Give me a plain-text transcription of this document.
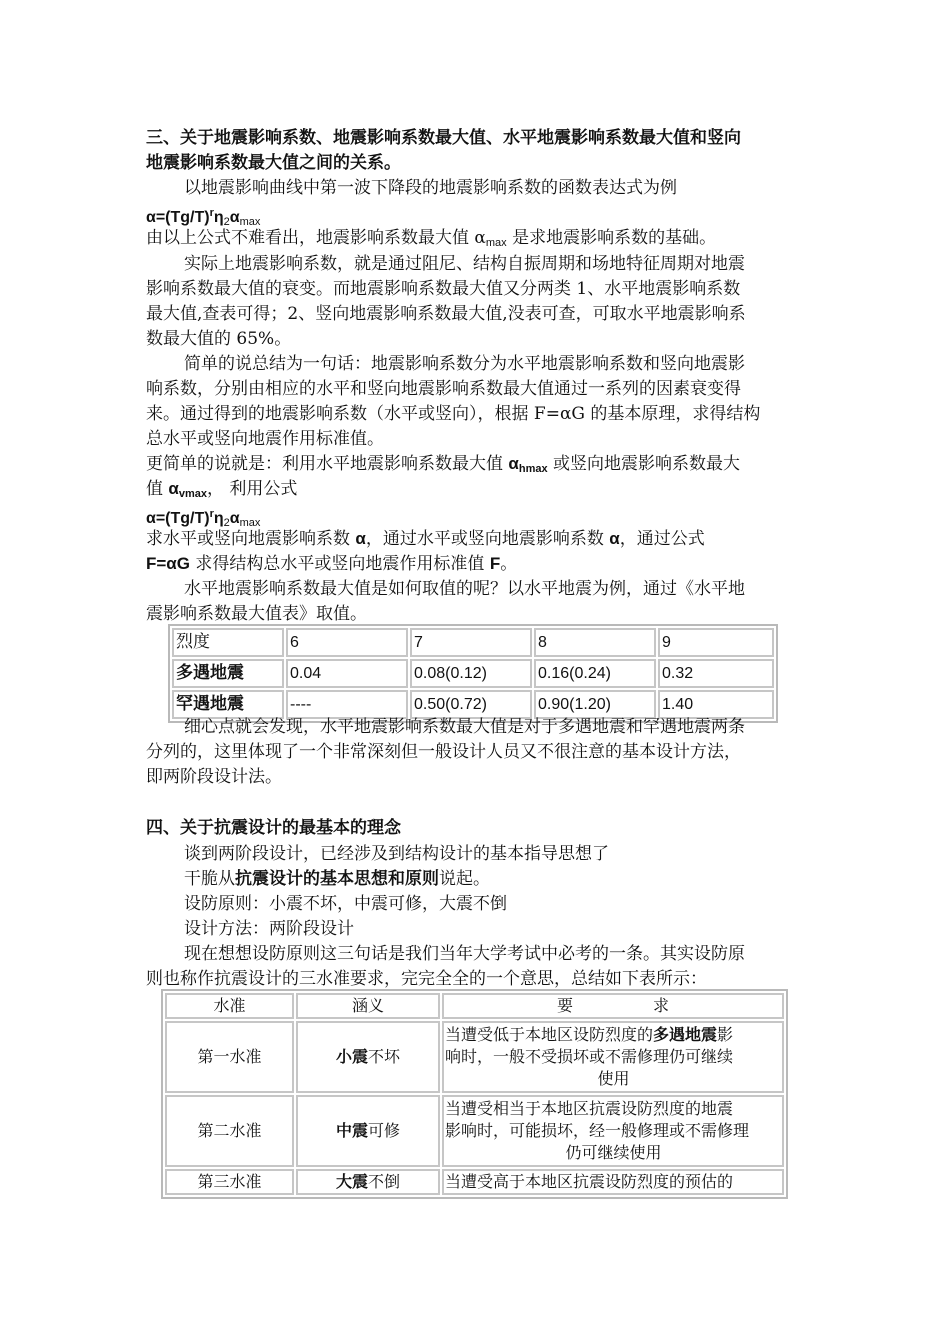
三、关于地震影响系数、地震影响系数最大值、水平地震影响系数最大值和竖向
地震影响系数最大值之间的关系。
以地震影响曲线中第一波下降段的地震影响系数的函数表达式为例
$\alpha=(Tg/T)^r\eta_2\alpha_{max}$
由以上公式不难看出，地震影响系数最大值 $\alpha_{max}$ 是求地震影响系数的基础。
实际上地震影响系数，就是通过阻尼、结构自振周期和场地特征周期对地震
影响系数最大值的衰变。而地震影响系数最大值又分两类 1、水平地震影响系数
最大值,查表可得；2、竖向地震影响系数最大值,没表可查，可取水平地震影响系
数最大值的 65%。
简单的说总结为一句话：地震影响系数分为水平地震影响系数和竖向地震影
响系数，分别由相应的水平和竖向地震影响系数最大值通过一系列的因素衰变得
来。通过得到的地震影响系数（水平或竖向），根据 F=αG 的基本原理，求得结构
总水平或竖向地震作用标准值。
更简单的说就是：利用水平地震影响系数最大值 $\alpha_{hmax}$ 或竖向地震影响系数最大
值 $\alpha_{vmax}$， 利用公式
$\alpha=(Tg/T)^r\eta_2\alpha_{max}$
求水平或竖向地震影响系数 α，通过水平或竖向地震影响系数 α，通过公式
F=αG 求得结构总水平或竖向地震作用标准值 F。
水平地震影响系数最大值是如何取值的呢？以水平地震为例，通过《水平地
震影响系数最大值表》取值。
烈度	6	7	8	9
多遇地震	0.04	0.08(0.12)	0.16(0.24)	0.32
罕遇地震	----	0.50(0.72)	0.90(1.20)	1.40
细心点就会发现，水平地震影响系数最大值是对于多遇地震和罕遇地震两条
分列的，这里体现了一个非常深刻但一般设计人员又不很注意的基本设计方法，
即两阶段设计法。
四、关于抗震设计的最基本的理念
谈到两阶段设计，已经涉及到结构设计的基本指导思想了
干脆从抗震设计的基本思想和原则说起。
设防原则：小震不坏，中震可修，大震不倒
设计方法：两阶段设计
现在想想设防原则这三句话是我们当年大学考试中必考的一条。其实设防原
则也称作抗震设计的三水准要求，完完全全的一个意思，总结如下表所示：
水准	涵义	要　　　　　求
第一水准	小震不坏	当遭受低于本地区设防烈度的多遇地震影
响时，一般不受损坏或不需修理仍可继续
使用

第二水准	中震可修	当遭受相当于本地区抗震设防烈度的地震
影响时，可能损坏，经一般修理或不需修理
仍可继续使用

第三水准	大震不倒	当遭受高于本地区抗震设防烈度的预估的
